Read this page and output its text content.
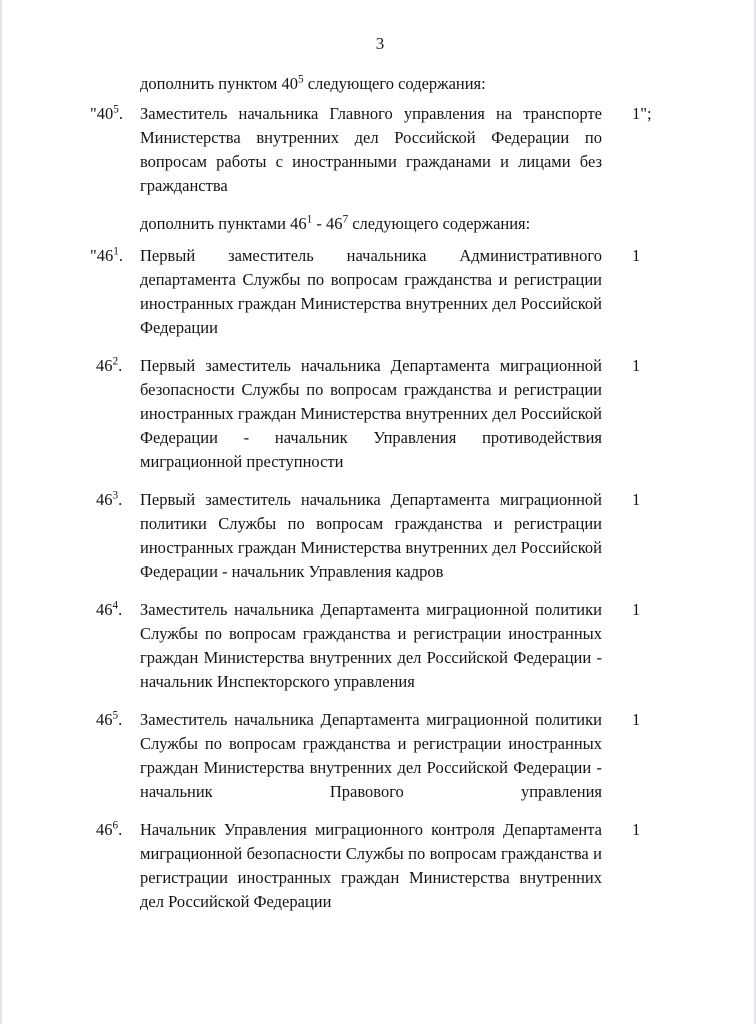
3

дополнить пунктом $40^5$ следующего содержания:

"$40^5$.	Заместитель начальника Главного управления на транспорте Министерства внутренних дел Российской Федерации по вопросам работы с иностранными гражданами и лицами без гражданства
1";

дополнить пунктами $46^1 - 46^7$ следующего содержания:

"$46^1$.	Первый заместитель начальника Административного департамента Службы по вопросам гражданства и регистрации иностранных граждан Министерства внутренних дел Российской Федерации
1
$46^2$.	Первый заместитель начальника Департамента миграционной безопасности Службы по вопросам гражданства и регистрации иностранных граждан Министерства внутренних дел Российской Федерации - начальник Управления противодействия миграционной преступности
1
$46^3$.	Первый заместитель начальника Департамента миграционной политики Службы по вопросам гражданства и регистрации иностранных граждан Министерства внутренних дел Российской Федерации - начальник Управления кадров
1
$46^4$.	Заместитель начальника Департамента миграционной политики Службы по вопросам гражданства и регистрации иностранных граждан Министерства внутренних дел Российской Федерации - начальник Инспекторского управления
1
$46^5$.	Заместитель начальника Департамента миграционной политики Службы по вопросам гражданства и регистрации иностранных граждан Министерства внутренних дел Российской Федерации - начальник Правового управления
1
$46^6$.	Начальник Управления миграционного контроля Департамента миграционной безопасности Службы по вопросам гражданства и регистрации иностранных граждан Министерства внутренних дел Российской Федерации
1
